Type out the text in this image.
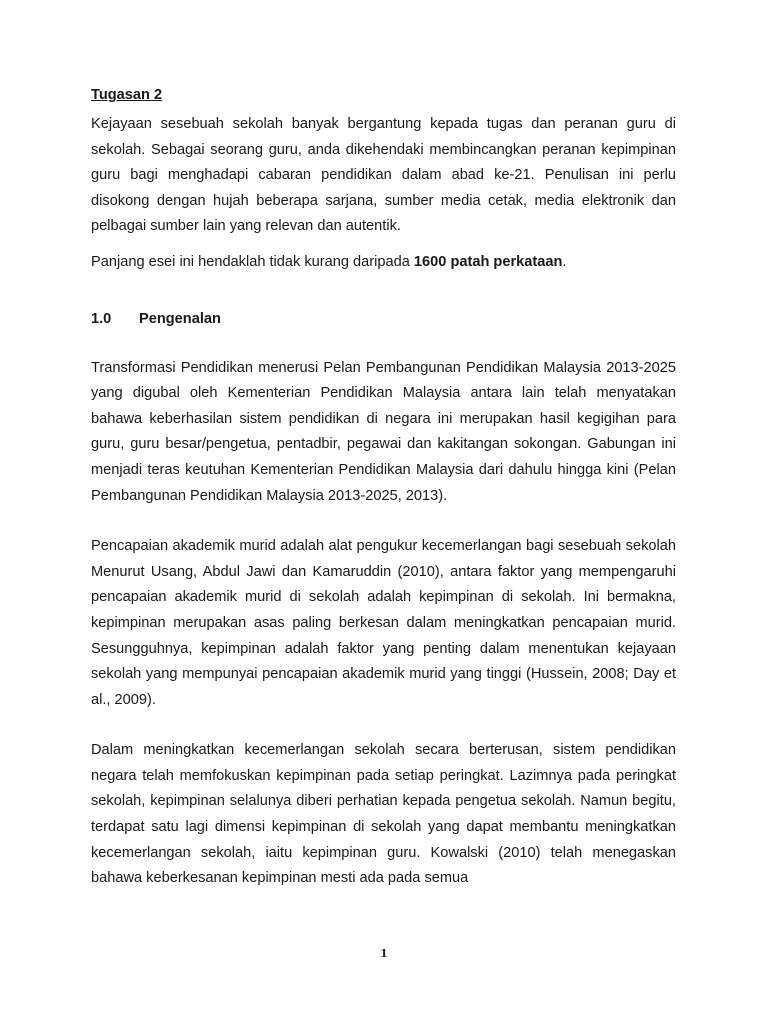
Tugasan 2

Kejayaan sesebuah sekolah banyak bergantung kepada tugas dan peranan guru di sekolah. Sebagai seorang guru, anda dikehendaki membincangkan peranan kepimpinan guru bagi menghadapi cabaran pendidikan dalam abad ke-21. Penulisan ini perlu disokong dengan hujah beberapa sarjana, sumber media cetak, media elektronik dan pelbagai sumber lain yang relevan dan autentik.

Panjang esei ini hendaklah tidak kurang daripada 1600 patah perkataan.

1.0	Pengenalan

Transformasi Pendidikan menerusi Pelan Pembangunan Pendidikan Malaysia 2013-2025 yang digubal oleh Kementerian Pendidikan Malaysia antara lain telah menyatakan bahawa keberhasilan sistem pendidikan di negara ini merupakan hasil kegigihan para guru, guru besar/pengetua, pentadbir, pegawai dan kakitangan sokongan. Gabungan ini menjadi teras keutuhan Kementerian Pendidikan Malaysia dari dahulu hingga kini (Pelan Pembangunan Pendidikan Malaysia 2013-2025, 2013).

Pencapaian akademik murid adalah alat pengukur kecemerlangan bagi sesebuah sekolah Menurut Usang, Abdul Jawi dan Kamaruddin (2010), antara faktor yang mempengaruhi pencapaian akademik murid di sekolah adalah kepimpinan di sekolah. Ini bermakna, kepimpinan merupakan asas paling berkesan dalam meningkatkan pencapaian murid. Sesungguhnya, kepimpinan adalah faktor yang penting dalam menentukan kejayaan sekolah yang mempunyai pencapaian akademik murid yang tinggi (Hussein, 2008; Day et al., 2009).

Dalam meningkatkan kecemerlangan sekolah secara berterusan, sistem pendidikan negara telah memfokuskan kepimpinan pada setiap peringkat. Lazimnya pada peringkat sekolah, kepimpinan selalunya diberi perhatian kepada pengetua sekolah. Namun begitu, terdapat satu lagi dimensi kepimpinan di sekolah yang dapat membantu meningkatkan kecemerlangan sekolah, iaitu kepimpinan guru. Kowalski (2010) telah menegaskan bahawa keberkesanan kepimpinan mesti ada pada semua

1
